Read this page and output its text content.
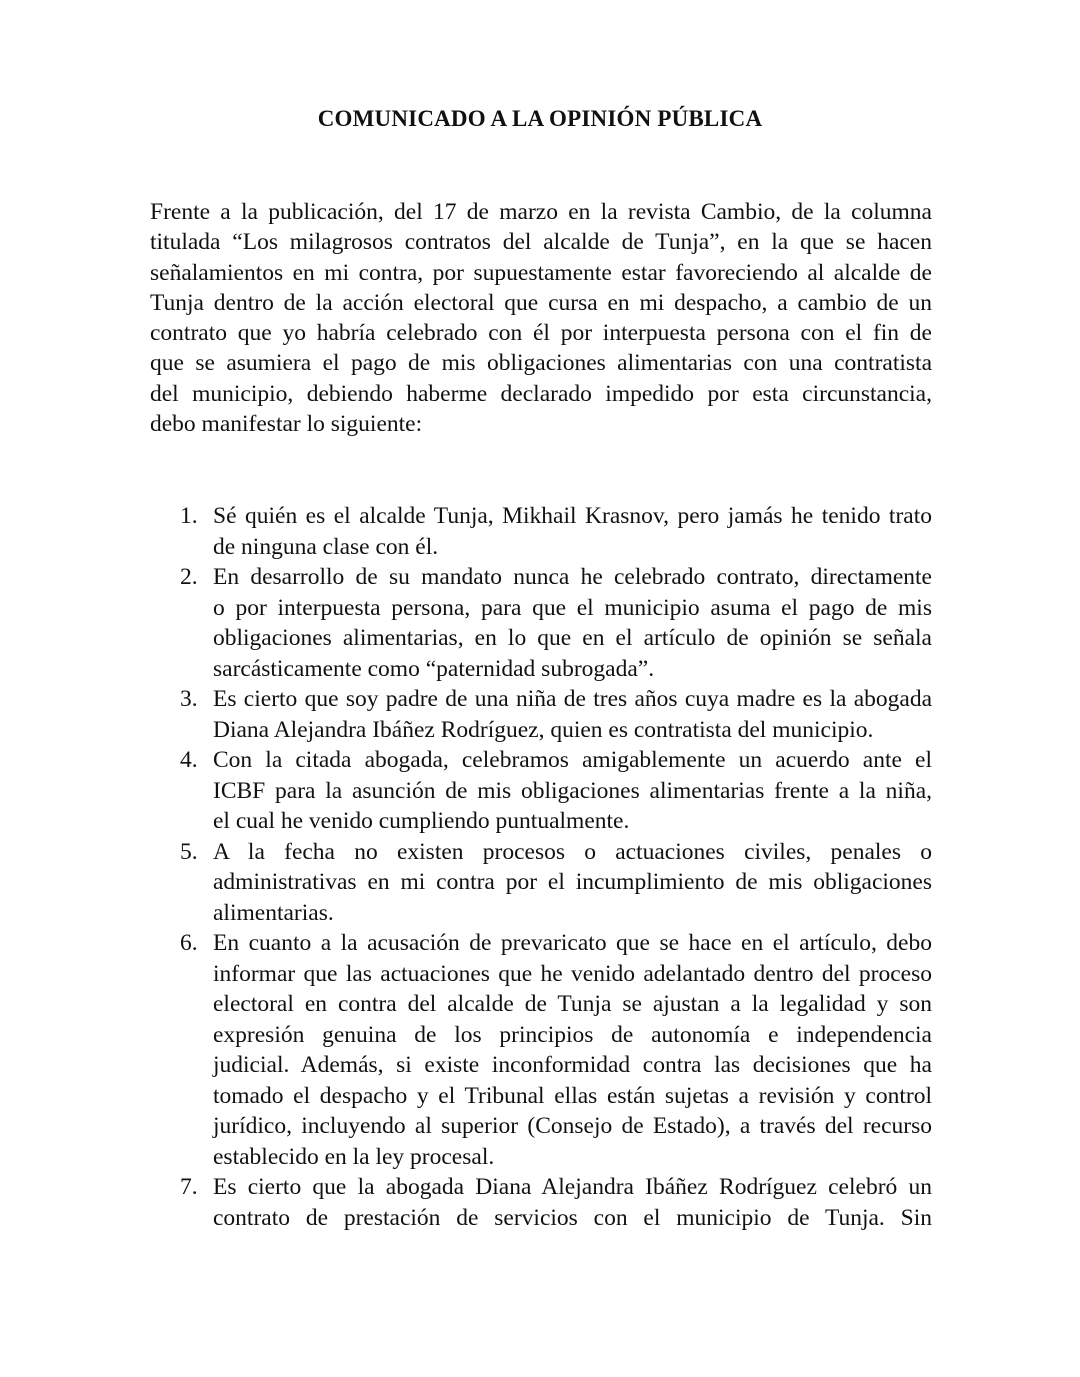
COMUNICADO A LA OPINIÓN PÚBLICA
Frente a la publicación, del 17 de marzo en la revista Cambio, de la columna
titulada “Los milagrosos contratos del alcalde de Tunja”, en la que se hacen
señalamientos en mi contra, por supuestamente estar favoreciendo al alcalde de
Tunja dentro de la acción electoral que cursa en mi despacho, a cambio de un
contrato que yo habría celebrado con él por interpuesta persona con el fin de
que se asumiera el pago de mis obligaciones alimentarias con una contratista
del municipio, debiendo haberme declarado impedido por esta circunstancia,
debo manifestar lo siguiente:
1. Sé quién es el alcalde Tunja, Mikhail Krasnov, pero jamás he tenido trato
de ninguna clase con él.
2. En desarrollo de su mandato nunca he celebrado contrato, directamente
o por interpuesta persona, para que el municipio asuma el pago de mis
obligaciones alimentarias, en lo que en el artículo de opinión se señala
sarcásticamente como “paternidad subrogada”.
3. Es cierto que soy padre de una niña de tres años cuya madre es la abogada
Diana Alejandra Ibáñez Rodríguez, quien es contratista del municipio.
4. Con la citada abogada, celebramos amigablemente un acuerdo ante el
ICBF para la asunción de mis obligaciones alimentarias frente a la niña,
el cual he venido cumpliendo puntualmente.
5. A la fecha no existen procesos o actuaciones civiles, penales o
administrativas en mi contra por el incumplimiento de mis obligaciones
alimentarias.
6. En cuanto a la acusación de prevaricato que se hace en el artículo, debo
informar que las actuaciones que he venido adelantado dentro del proceso
electoral en contra del alcalde de Tunja se ajustan a la legalidad y son
expresión genuina de los principios de autonomía e independencia
judicial. Además, si existe inconformidad contra las decisiones que ha
tomado el despacho y el Tribunal ellas están sujetas a revisión y control
jurídico, incluyendo al superior (Consejo de Estado), a través del recurso
establecido en la ley procesal.
7. Es cierto que la abogada Diana Alejandra Ibáñez Rodríguez celebró un
contrato de prestación de servicios con el municipio de Tunja. Sin
